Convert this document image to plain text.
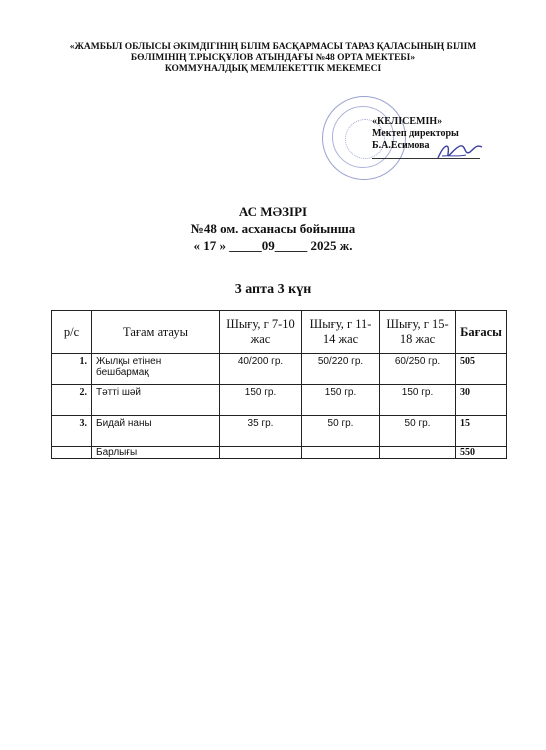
«ЖАМБЫЛ ОБЛЫСЫ ӘКІМДІГІНІҢ БІЛІМ БАСҚАРМАСЫ ТАРАЗ ҚАЛАСЫНЫҢ БІЛІМ
БӨЛІМІНІҢ Т.РЫСҚҰЛОВ АТЫНДАҒЫ №48 ОРТА МЕКТЕБІ»
КОММУНАЛДЫҚ МЕМЛЕКЕТТІК МЕКЕМЕСІ
«КЕЛІСЕМІН»
Мектеп директоры
Б.А.Есимова
АС МӘЗІРІ
№48 ом. асханасы бойынша
« 17 » _____09_____ 2025 ж.
3 апта 3 күн
р/с	Тағам атауы	Шығу, г 7-10 жас	Шығу, г 11-14 жас	Шығу, г 15-18 жас	Бағасы
1.	Жылқы етінен бешбармақ	40/200 гр.	50/220 гр.	60/250 гр.	505
2.	Тәтті шәй	150 гр.	150 гр.	150 гр.	30
3.	Бидай наны	35 гр.	50 гр.	50 гр.	15
	Барлығы				550
